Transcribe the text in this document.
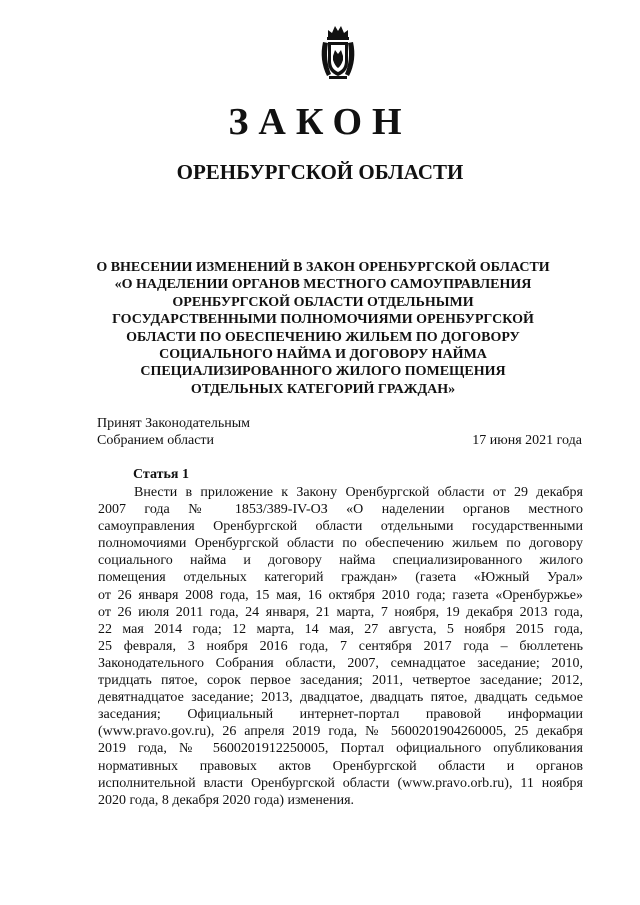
ЗАКОН
ОРЕНБУРГСКОЙ ОБЛАСТИ
О ВНЕСЕНИИ ИЗМЕНЕНИЙ В ЗАКОН ОРЕНБУРГСКОЙ ОБЛАСТИ
«О НАДЕЛЕНИИ ОРГАНОВ МЕСТНОГО САМОУПРАВЛЕНИЯ
ОРЕНБУРГСКОЙ ОБЛАСТИ ОТДЕЛЬНЫМИ
ГОСУДАРСТВЕННЫМИ ПОЛНОМОЧИЯМИ ОРЕНБУРГСКОЙ
ОБЛАСТИ ПО ОБЕСПЕЧЕНИЮ ЖИЛЬЕМ ПО ДОГОВОРУ
СОЦИАЛЬНОГО НАЙМА И ДОГОВОРУ НАЙМА
СПЕЦИАЛИЗИРОВАННОГО ЖИЛОГО ПОМЕЩЕНИЯ
ОТДЕЛЬНЫХ КАТЕГОРИЙ ГРАЖДАН»
Принят Законодательным
Собранием области	17 июня 2021 года
Статья 1
Внести в приложение к Закону Оренбургской области от 29 декабря
2007 года № 1853/389-IV-ОЗ «О наделении органов местного
самоуправления Оренбургской области отдельными государственными
полномочиями Оренбургской области по обеспечению жильем по договору
социального найма и договору найма специализированного жилого
помещения отдельных категорий граждан» (газета «Южный Урал»
от 26 января 2008 года, 15 мая, 16 октября 2010 года; газета «Оренбуржье»
от 26 июля 2011 года, 24 января, 21 марта, 7 ноября, 19 декабря 2013 года,
22 мая 2014 года; 12 марта, 14 мая, 27 августа, 5 ноября 2015 года,
25 февраля, 3 ноября 2016 года, 7 сентября 2017 года – бюллетень
Законодательного Собрания области, 2007, семнадцатое заседание; 2010,
тридцать пятое, сорок первое заседания; 2011, четвертое заседание; 2012,
девятнадцатое заседание; 2013, двадцатое, двадцать пятое, двадцать седьмое
заседания; Официальный интернет-портал правовой информации
(www.pravo.gov.ru), 26 апреля 2019 года, № 5600201904260005, 25 декабря
2019 года, № 5600201912250005, Портал официального опубликования
нормативных правовых актов Оренбургской области и органов
исполнительной власти Оренбургской области (www.pravo.orb.ru), 11 ноября
2020 года, 8 декабря 2020 года) изменения.
